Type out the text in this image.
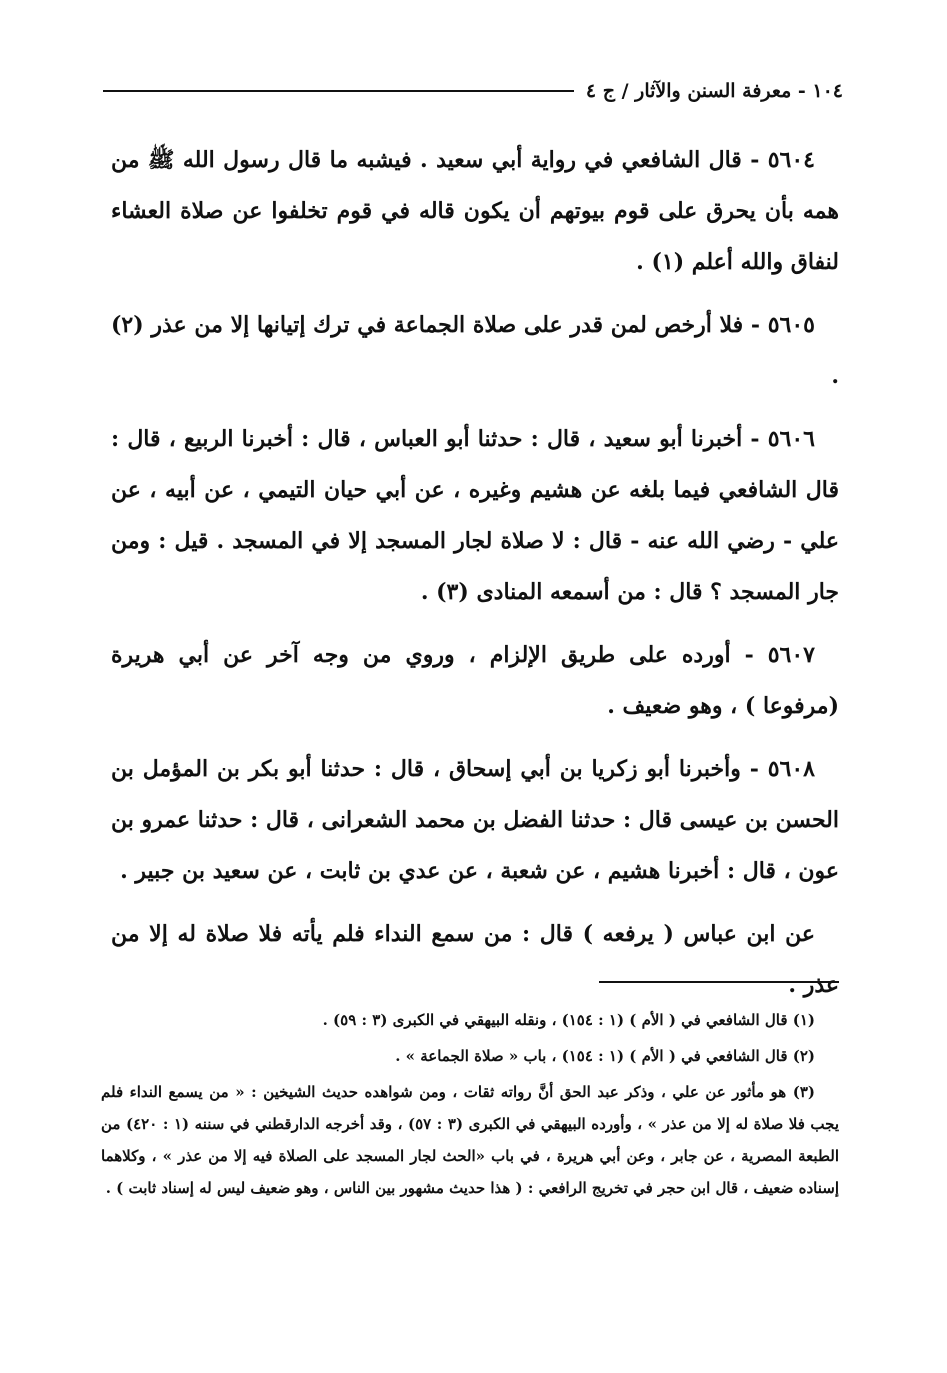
١٠٤ - معرفة السنن والآثار / ج ٤

٥٦٠٤ - قال الشافعي في رواية أبي سعيد . فيشبه ما قال رسول الله ﷺ من همه بأن يحرق على قوم بيوتهم أن يكون قاله في قوم تخلفوا عن صلاة العشاء لنفاق والله أعلم (١) .

٥٦٠٥ - فلا أرخص لمن قدر على صلاة الجماعة في ترك إتيانها إلا من عذر (٢) .

٥٦٠٦ - أخبرنا أبو سعيد ، قال : حدثنا أبو العباس ، قال : أخبرنا الربيع ، قال : قال الشافعي فيما بلغه عن هشيم وغيره ، عن أبي حيان التيمي ، عن أبيه ، عن علي - رضي الله عنه - قال : لا صلاة لجار المسجد إلا في المسجد . قيل : ومن جار المسجد ؟ قال : من أسمعه المنادى (٣) .

٥٦٠٧ - أورده على طريق الإلزام ، وروي من وجه آخر عن أبي هريرة (مرفوعا ) ، وهو ضعيف .

٥٦٠٨ - وأخبرنا أبو زكريا بن أبي إسحاق ، قال : حدثنا أبو بكر بن المؤمل بن الحسن بن عيسى قال : حدثنا الفضل بن محمد الشعرانى ، قال : حدثنا عمرو بن عون ، قال : أخبرنا هشيم ، عن شعبة ، عن عدي بن ثابت ، عن سعيد بن جبير .

عن ابن عباس ( يرفعه ) قال : من سمع النداء فلم يأته فلا صلاة له إلا من عذر .

(١) قال الشافعي في ( الأم ) (١ : ١٥٤) ، ونقله البيهقي في الكبرى (٣ : ٥٩) .

(٢) قال الشافعي في ( الأم ) (١ : ١٥٤) ، باب « صلاة الجماعة » .

(٣) هو مأثور عن علي ، وذكر عبد الحق أنَّ رواته ثقات ، ومن شواهده حديث الشيخين : « من يسمع النداء فلم يجب فلا صلاة له إلا من عذر » ، وأورده البيهقي في الكبرى (٣ : ٥٧) ، وقد أخرجه الدارقطني في سننه (١ : ٤٢٠) من الطبعة المصرية ، عن جابر ، وعن أبي هريرة ، في باب «الحث لجار المسجد على الصلاة فيه إلا من عذر » ، وكلاهما إسناده ضعيف ، قال ابن حجر في تخريج الرافعي : ( هذا حديث مشهور بين الناس ، وهو ضعيف ليس له إسناد ثابت ) .
